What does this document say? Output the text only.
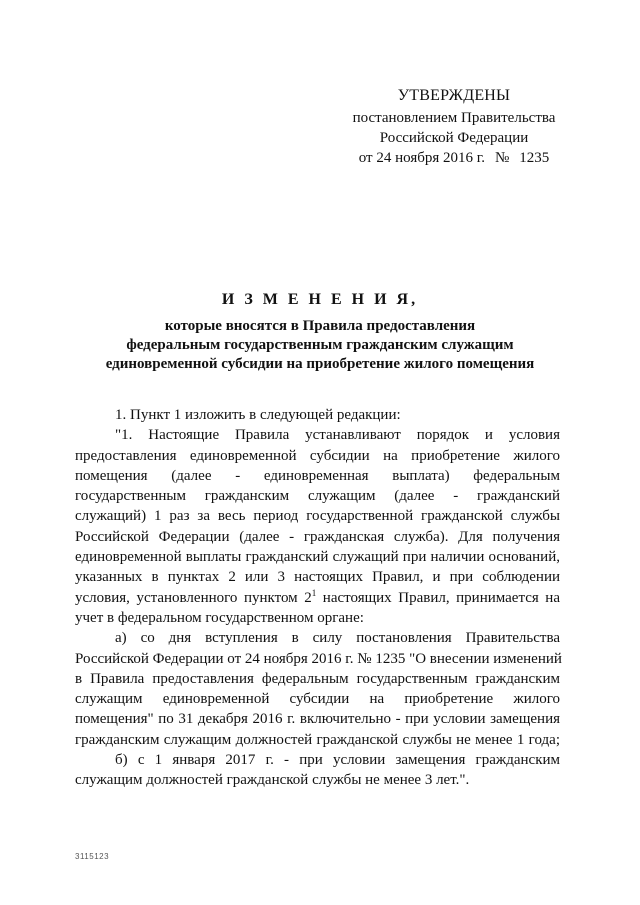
УТВЕРЖДЕНЫ
постановлением Правительства
Российской Федерации
от 24 ноября 2016 г. № 1235
И З М Е Н Е Н И Я,
которые вносятся в Правила предоставления
федеральным государственным гражданским служащим
единовременной субсидии на приобретение жилого помещения
1. Пункт 1 изложить в следующей редакции:
"1. Настоящие Правила устанавливают порядок и условия
предоставления единовременной субсидии на приобретение жилого
помещения (далее - единовременная выплата) федеральным
государственным гражданским служащим (далее - гражданский
служащий) 1 раз за весь период государственной гражданской службы
Российской Федерации (далее - гражданская служба). Для получения
единовременной выплаты гражданский служащий при наличии оснований,
указанных в пунктах 2 или 3 настоящих Правил, и при соблюдении
условия, установленного пунктом $2^1$ настоящих Правил, принимается на
учет в федеральном государственном органе:
а) со дня вступления в силу постановления Правительства
Российской Федерации от 24 ноября 2016 г. № 1235 "О внесении изменений
в Правила предоставления федеральным государственным гражданским
служащим единовременной субсидии на приобретение жилого
помещения" по 31 декабря 2016 г. включительно - при условии замещения
гражданским служащим должностей гражданской службы не менее 1 года;
б) с 1 января 2017 г. - при условии замещения гражданским
служащим должностей гражданской службы не менее 3 лет.".
3115123
